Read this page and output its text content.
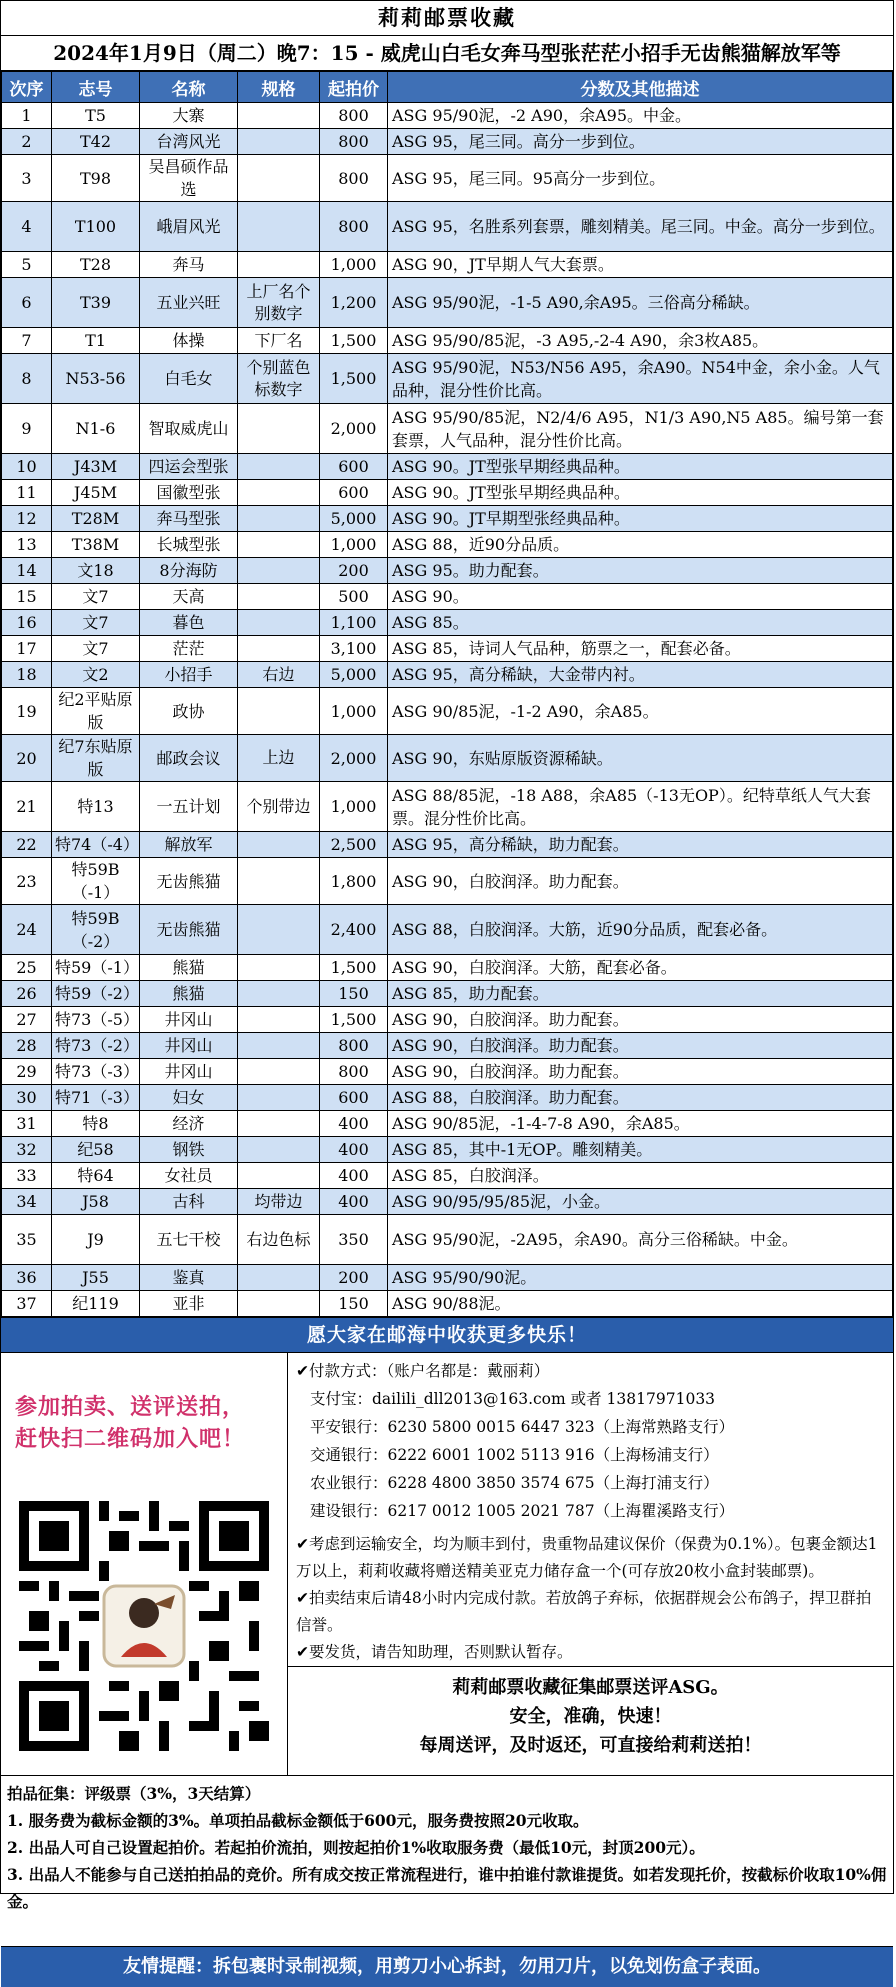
莉莉邮票收藏
2024年1月9日（周二）晚7：15 - 威虎山白毛女奔马型张茫茫小招手无齿熊猫解放军等
次序	志号	名称	规格	起拍价	分数及其他描述
1	T5	大寨		800	ASG 95/90泥，-2 A90，余A95。中金。
2	T42	台湾风光		800	ASG 95，尾三同。高分一步到位。
3	T98	吴昌硕作品选		800	ASG 95，尾三同。95高分一步到位。
4	T100	峨眉风光		800	ASG 95，名胜系列套票，雕刻精美。尾三同。中金。高分一步到位。
5	T28	奔马		1,000	ASG 90，JT早期人气大套票。
6	T39	五业兴旺	上厂名个别数字	1,200	ASG 95/90泥，-1-5 A90,余A95。三俗高分稀缺。
7	T1	体操	下厂名	1,500	ASG 95/90/85泥，-3 A95,-2-4 A90，余3枚A85。
8	N53-56	白毛女	个别蓝色标数字	1,500	ASG 95/90泥，N53/N56 A95，余A90。N54中金，余小金。人气品种，混分性价比高。
9	N1-6	智取威虎山		2,000	ASG 95/90/85泥，N2/4/6 A95，N1/3 A90,N5 A85。编号第一套套票，人气品种，混分性价比高。
10	J43M	四运会型张		600	ASG 90。JT型张早期经典品种。
11	J45M	国徽型张		600	ASG 90。JT型张早期经典品种。
12	T28M	奔马型张		5,000	ASG 90。JT早期型张经典品种。
13	T38M	长城型张		1,000	ASG 88，近90分品质。
14	文18	8分海防		200	ASG 95。助力配套。
15	文7	天高		500	ASG 90。
16	文7	暮色		1,100	ASG 85。
17	文7	茫茫		3,100	ASG 85，诗词人气品种，筋票之一，配套必备。
18	文2	小招手	右边	5,000	ASG 95，高分稀缺，大金带内衬。
19	纪2平贴原版	政协		1,000	ASG 90/85泥，-1-2 A90，余A85。
20	纪7东贴原版	邮政会议	上边	2,000	ASG 90，东贴原版资源稀缺。
21	特13	一五计划	个别带边	1,000	ASG 88/85泥，-18 A88，余A85（-13无OP）。纪特草纸人气大套票。混分性价比高。
22	特74（-4）	解放军		2,500	ASG 95，高分稀缺，助力配套。
23	特59B（-1）	无齿熊猫		1,800	ASG 90，白胶润泽。助力配套。
24	特59B（-2）	无齿熊猫		2,400	ASG 88，白胶润泽。大筋，近90分品质，配套必备。
25	特59（-1）	熊猫		1,500	ASG 90，白胶润泽。大筋，配套必备。
26	特59（-2）	熊猫		150	ASG 85，助力配套。
27	特73（-5）	井冈山		1,500	ASG 90，白胶润泽。助力配套。
28	特73（-2）	井冈山		800	ASG 90，白胶润泽。助力配套。
29	特73（-3）	井冈山		800	ASG 90，白胶润泽。助力配套。
30	特71（-3）	妇女		600	ASG 88，白胶润泽。助力配套。
31	特8	经济		400	ASG 90/85泥，-1-4-7-8 A90，余A85。
32	纪58	钢铁		400	ASG 85，其中-1无OP。雕刻精美。
33	特64	女社员		400	ASG 85，白胶润泽。
34	J58	古科	均带边	400	ASG 90/95/95/85泥，小金。
35	J9	五七干校	右边色标	350	ASG 95/90泥，-2A95，余A90。高分三俗稀缺。中金。
36	J55	鉴真		200	ASG 95/90/90泥。
37	纪119	亚非		150	ASG 90/88泥。
愿大家在邮海中收获更多快乐！
参加拍卖、送评送拍，
赶快扫二维码加入吧！
✔付款方式：（账户名都是：戴丽莉）
支付宝：dailili_dll2013@163.com 或者 13817971033
平安银行：6230 5800 0015 6447 323（上海常熟路支行）
交通银行：6222 6001 1002 5113 916（上海杨浦支行）
农业银行：6228 4800 3850 3574 675（上海打浦支行）
建设银行：6217 0012 1005 2021 787（上海瞿溪路支行）
✔考虑到运输安全，均为顺丰到付，贵重物品建议保价（保费为0.1%）。包裹金额达1万以上，莉莉收藏将赠送精美亚克力储存盒一个(可存放20枚小盒封装邮票)。
✔拍卖结束后请48小时内完成付款。若放鸽子弃标，依据群规会公布鸽子，捍卫群拍信誉。
✔要发货，请告知助理，否则默认暂存。
莉莉邮票收藏征集邮票送评ASG。
安全，准确，快速！
每周送评，及时返还，可直接给莉莉送拍！
拍品征集：评级票（3%，3天结算）
1. 服务费为截标金额的3%。单项拍品截标金额低于600元，服务费按照20元收取。
2. 出品人可自己设置起拍价。若起拍价流拍，则按起拍价1%收取服务费（最低10元，封顶200元）。
3. 出品人不能参与自己送拍拍品的竞价。所有成交按正常流程进行，谁中拍谁付款谁提货。如若发现托价，按截标价收取10%佣金。
友情提醒：拆包裹时录制视频，用剪刀小心拆封，勿用刀片，以免划伤盒子表面。
